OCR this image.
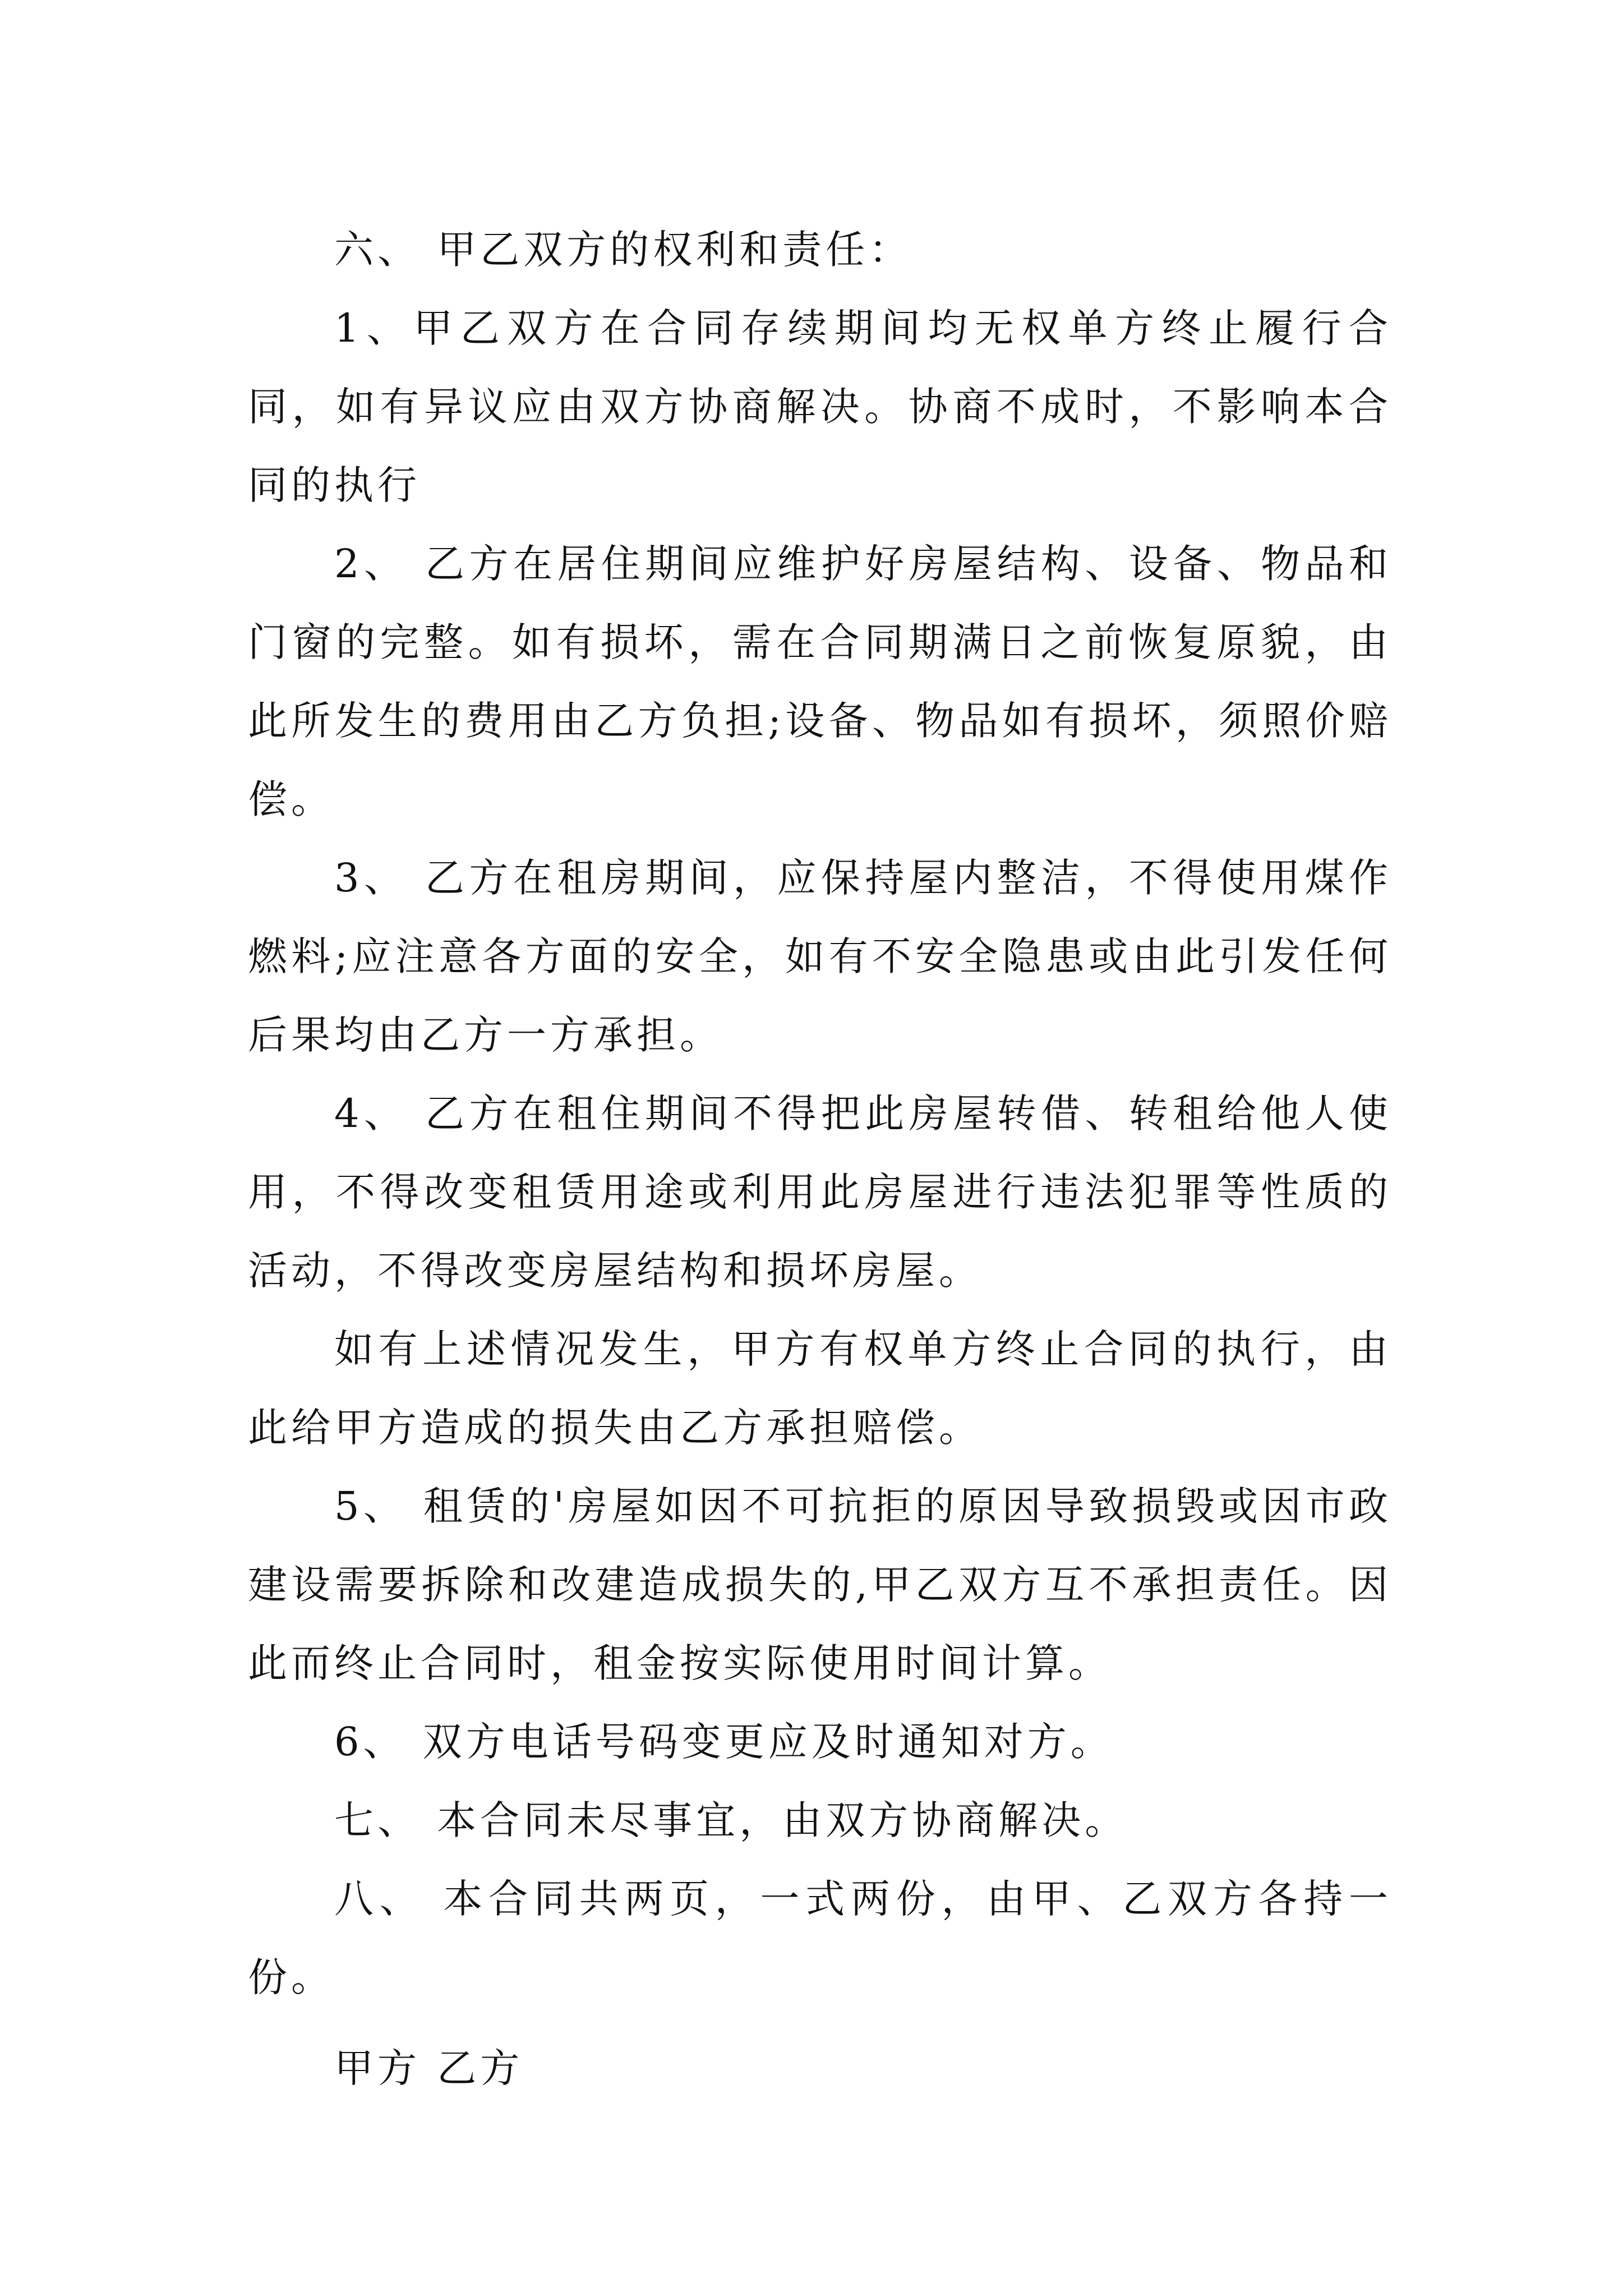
六、 甲乙双方的权利和责任：

1、甲乙双方在合同存续期间均无权单方终止履行合同，如有异议应由双方协商解决。协商不成时，不影响本合同的执行

2、 乙方在居住期间应维护好房屋结构、设备、物品和门窗的完整。如有损坏，需在合同期满日之前恢复原貌，由此所发生的费用由乙方负担;设备、物品如有损坏，须照价赔偿。

3、 乙方在租房期间，应保持屋内整洁，不得使用煤作燃料;应注意各方面的安全，如有不安全隐患或由此引发任何后果均由乙方一方承担。

4、 乙方在租住期间不得把此房屋转借、转租给他人使用，不得改变租赁用途或利用此房屋进行违法犯罪等性质的活动，不得改变房屋结构和损坏房屋。

如有上述情况发生，甲方有权单方终止合同的执行，由此给甲方造成的损失由乙方承担赔偿。

5、 租赁的'房屋如因不可抗拒的原因导致损毁或因市政建设需要拆除和改建造成损失的,甲乙双方互不承担责任。因此而终止合同时，租金按实际使用时间计算。

6、 双方电话号码变更应及时通知对方。

七、 本合同未尽事宜，由双方协商解决。

八、 本合同共两页，一式两份，由甲、乙双方各持一份。

甲方 乙方
